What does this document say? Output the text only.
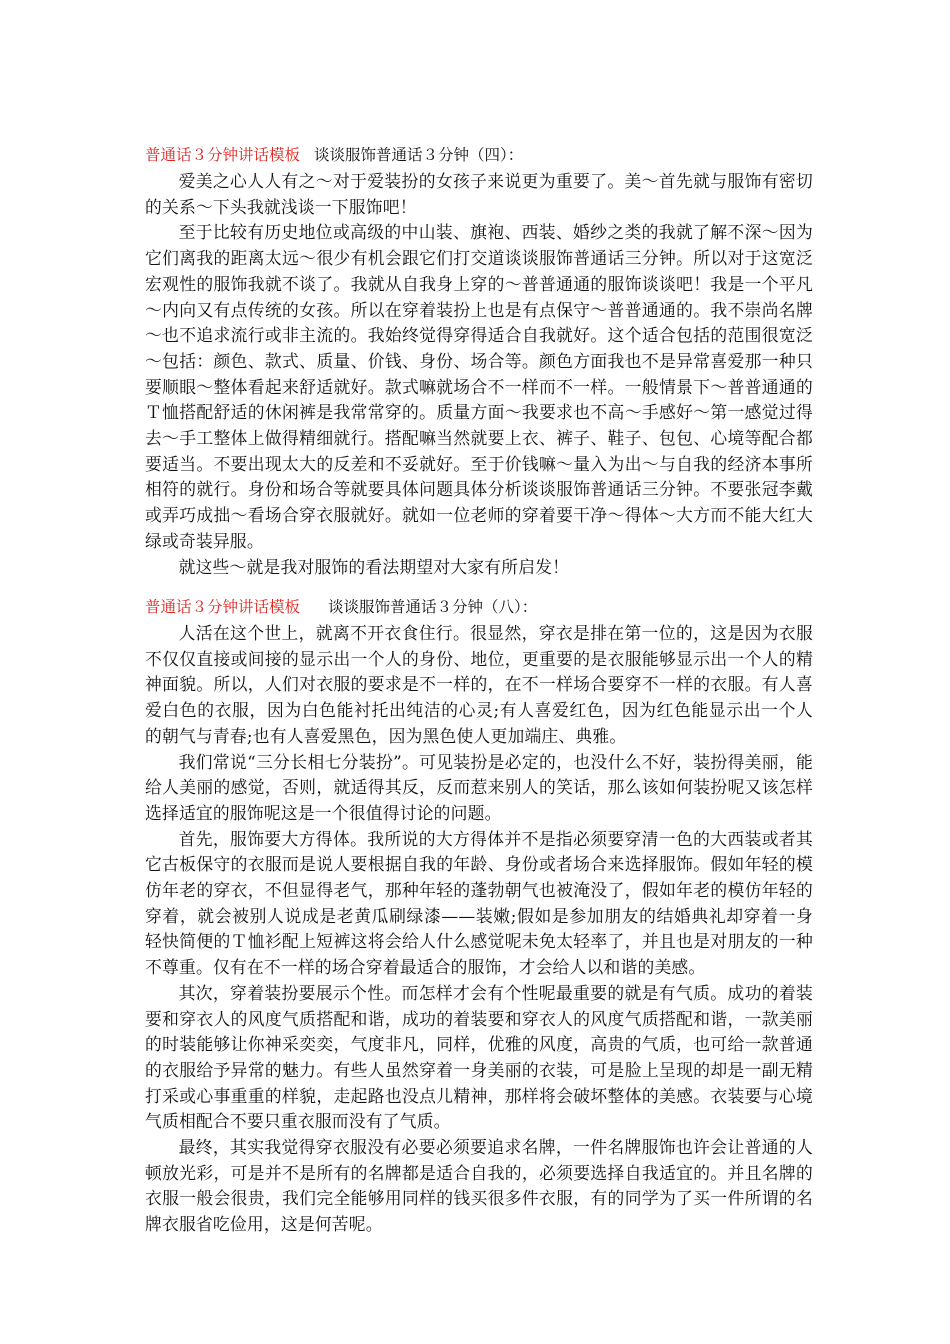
普通话３分钟讲话模板 谈谈服饰普通话３分钟（四）：

爱美之心人人有之～对于爱装扮的女孩子来说更为重要了。美～首先就与服饰有密切的关系～下头我就浅谈一下服饰吧！

至于比较有历史地位或高级的中山装、旗袍、西装、婚纱之类的我就了解不深～因为它们离我的距离太远～很少有机会跟它们打交道谈谈服饰普通话三分钟。所以对于这宽泛宏观性的服饰我就不谈了。我就从自我身上穿的～普普通通的服饰谈谈吧！我是一个平凡～内向又有点传统的女孩。所以在穿着装扮上也是有点保守～普普通通的。我不崇尚名牌～也不追求流行或非主流的。我始终觉得穿得适合自我就好。这个适合包括的范围很宽泛～包括：颜色、款式、质量、价钱、身份、场合等。颜色方面我也不是异常喜爱那一种只要顺眼～整体看起来舒适就好。款式嘛就场合不一样而不一样。一般情景下～普普通通的Ｔ恤搭配舒适的休闲裤是我常常穿的。质量方面～我要求也不高～手感好～第一感觉过得去～手工整体上做得精细就行。搭配嘛当然就要上衣、裤子、鞋子、包包、心境等配合都要适当。不要出现太大的反差和不妥就好。至于价钱嘛～量入为出～与自我的经济本事所相符的就行。身份和场合等就要具体问题具体分析谈谈服饰普通话三分钟。不要张冠李戴或弄巧成拙～看场合穿衣服就好。就如一位老师的穿着要干净～得体～大方而不能大红大绿或奇装异服。

就这些～就是我对服饰的看法期望对大家有所启发！

普通话３分钟讲话模板 谈谈服饰普通话３分钟（八）：

人活在这个世上，就离不开衣食住行。很显然，穿衣是排在第一位的，这是因为衣服不仅仅直接或间接的显示出一个人的身份、地位，更重要的是衣服能够显示出一个人的精神面貌。所以，人们对衣服的要求是不一样的，在不一样场合要穿不一样的衣服。有人喜爱白色的衣服，因为白色能衬托出纯洁的心灵;有人喜爱红色，因为红色能显示出一个人的朝气与青春;也有人喜爱黑色，因为黑色使人更加端庄、典雅。

我们常说“三分长相七分装扮”。可见装扮是必定的，也没什么不好，装扮得美丽，能给人美丽的感觉，否则，就适得其反，反而惹来别人的笑话，那么该如何装扮呢又该怎样选择适宜的服饰呢这是一个很值得讨论的问题。

首先，服饰要大方得体。我所说的大方得体并不是指必须要穿清一色的大西装或者其它古板保守的衣服而是说人要根据自我的年龄、身份或者场合来选择服饰。假如年轻的模仿年老的穿衣，不但显得老气，那种年轻的蓬勃朝气也被淹没了，假如年老的模仿年轻的穿着，就会被别人说成是老黄瓜刷绿漆——装嫩;假如是参加朋友的结婚典礼却穿着一身轻快简便的Ｔ恤衫配上短裤这将会给人什么感觉呢未免太轻率了，并且也是对朋友的一种不尊重。仅有在不一样的场合穿着最适合的服饰，才会给人以和谐的美感。

其次，穿着装扮要展示个性。而怎样才会有个性呢最重要的就是有气质。成功的着装要和穿衣人的风度气质搭配和谐，成功的着装要和穿衣人的风度气质搭配和谐，一款美丽的时装能够让你神采奕奕，气度非凡，同样，优雅的风度，高贵的气质，也可给一款普通的衣服给予异常的魅力。有些人虽然穿着一身美丽的衣装，可是脸上呈现的却是一副无精打采或心事重重的样貌，走起路也没点儿精神，那样将会破坏整体的美感。衣装要与心境气质相配合不要只重衣服而没有了气质。

最终，其实我觉得穿衣服没有必要必须要追求名牌，一件名牌服饰也许会让普通的人顿放光彩，可是并不是所有的名牌都是适合自我的，必须要选择自我适宜的。并且名牌的衣服一般会很贵，我们完全能够用同样的钱买很多件衣服，有的同学为了买一件所谓的名牌衣服省吃俭用，这是何苦呢。
